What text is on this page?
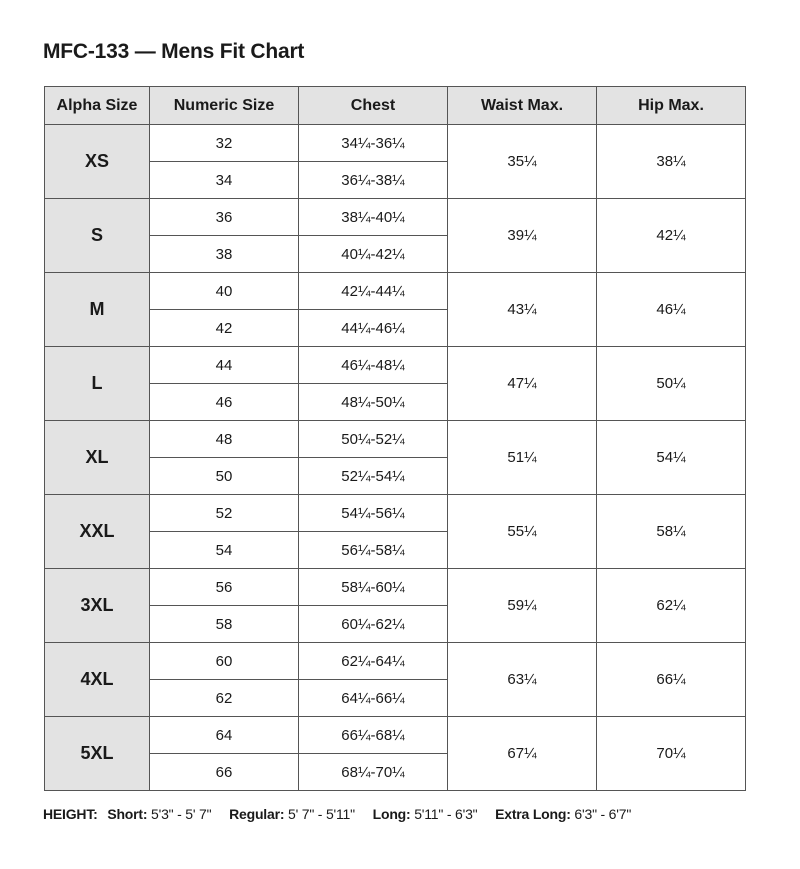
MFC-133 — Mens Fit Chart
Alpha Size	Numeric Size	Chest	Waist Max.	Hip Max.
XS	32	34¼-36¼	35¼	38¼
	34	36¼-38¼		
S	36	38¼-40¼	39¼	42¼
	38	40¼-42¼		
M	40	42¼-44¼	43¼	46¼
	42	44¼-46¼		
L	44	46¼-48¼	47¼	50¼
	46	48¼-50¼		
XL	48	50¼-52¼	51¼	54¼
	50	52¼-54¼		
XXL	52	54¼-56¼	55¼	58¼
	54	56¼-58¼		
3XL	56	58¼-60¼	59¼	62¼
	58	60¼-62¼		
4XL	60	62¼-64¼	63¼	66¼
	62	64¼-66¼		
5XL	64	66¼-68¼	67¼	70¼
	66	68¼-70¼		
HEIGHT: Short: 5'3" - 5' 7" Regular: 5' 7" - 5'11" Long: 5'11" - 6'3" Extra Long: 6'3" - 6'7"
